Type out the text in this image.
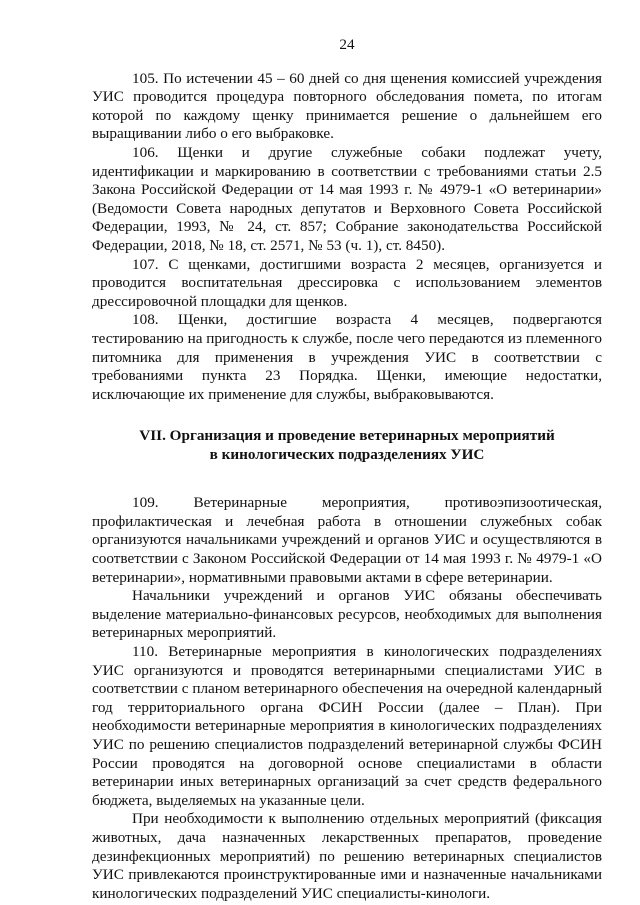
24

105. По истечении 45 – 60 дней со дня щенения комиссией учреждения УИС проводится процедура повторного обследования помета, по итогам которой по каждому щенку принимается решение о дальнейшем его выращивании либо о его выбраковке.

106. Щенки и другие служебные собаки подлежат учету, идентификации и маркированию в соответствии с требованиями статьи 2.5 Закона Российской Федерации от 14 мая 1993 г. № 4979-1 «О ветеринарии» (Ведомости Совета народных депутатов и Верховного Совета Российской Федерации, 1993, № 24, ст. 857; Собрание законодательства Российской Федерации, 2018, № 18, ст. 2571, № 53 (ч. 1), ст. 8450).

107. С щенками, достигшими возраста 2 месяцев, организуется и проводится воспитательная дрессировка с использованием элементов дрессировочной площадки для щенков.

108. Щенки, достигшие возраста 4 месяцев, подвергаются тестированию на пригодность к службе, после чего передаются из племенного питомника для применения в учреждения УИС в соответствии с требованиями пункта 23 Порядка. Щенки, имеющие недостатки, исключающие их применение для службы, выбраковываются.

VII. Организация и проведение ветеринарных мероприятий
в кинологических подразделениях УИС

109. Ветеринарные мероприятия, противоэпизоотическая, профилактическая и лечебная работа в отношении служебных собак организуются начальниками учреждений и органов УИС и осуществляются в соответствии с Законом Российской Федерации от 14 мая 1993 г. № 4979-1 «О ветеринарии», нормативными правовыми актами в сфере ветеринарии.

Начальники учреждений и органов УИС обязаны обеспечивать выделение материально-финансовых ресурсов, необходимых для выполнения ветеринарных мероприятий.

110. Ветеринарные мероприятия в кинологических подразделениях УИС организуются и проводятся ветеринарными специалистами УИС в соответствии с планом ветеринарного обеспечения на очередной календарный год территориального органа ФСИН России (далее – План). При необходимости ветеринарные мероприятия в кинологических подразделениях УИС по решению специалистов подразделений ветеринарной службы ФСИН России проводятся на договорной основе специалистами в области ветеринарии иных ветеринарных организаций за счет средств федерального бюджета, выделяемых на указанные цели.

При необходимости к выполнению отдельных мероприятий (фиксация животных, дача назначенных лекарственных препаратов, проведение дезинфекционных мероприятий) по решению ветеринарных специалистов УИС привлекаются проинструктированные ими и назначенные начальниками кинологических подразделений УИС специалисты-кинологи.
